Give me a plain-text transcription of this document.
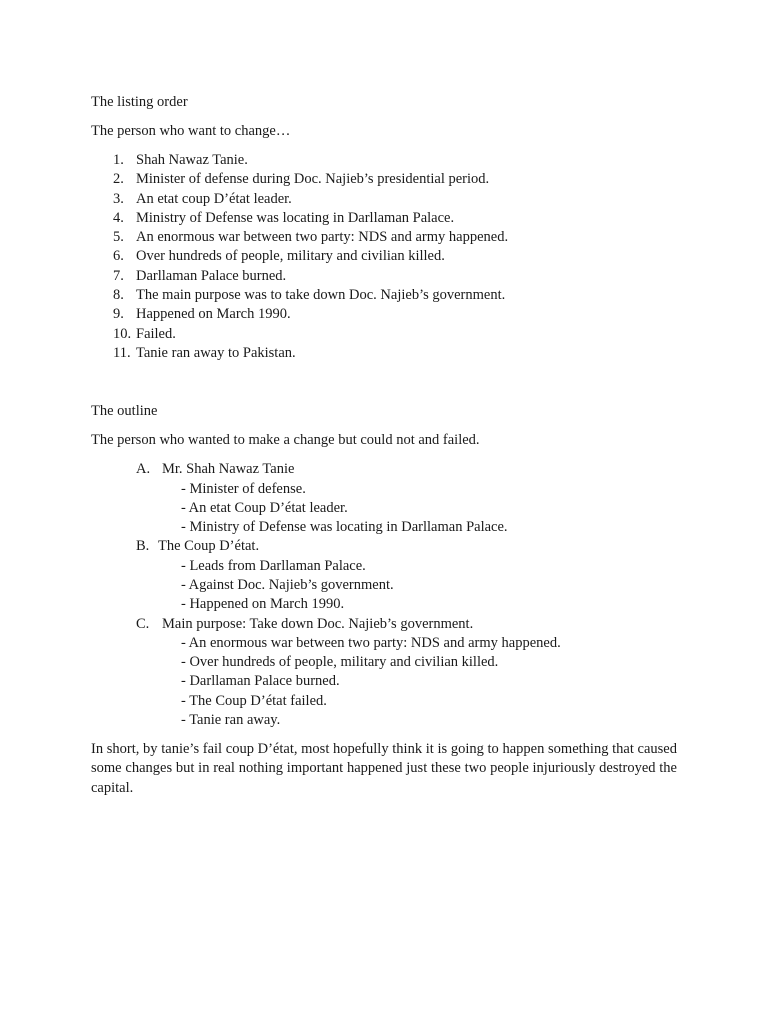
The listing order
The person who want to change…
1. Shah Nawaz Tanie.
2. Minister of defense during Doc. Najieb’s presidential period.
3. An etat coup D’état leader.
4. Ministry of Defense was locating in Darllaman Palace.
5. An enormous war between two party: NDS and army happened.
6. Over hundreds of people, military and civilian killed.
7. Darllaman Palace burned.
8. The main purpose was to take down Doc. Najieb’s government.
9. Happened on March 1990.
10. Failed.
11. Tanie ran away to Pakistan.
The outline
The person who wanted to make a change but could not and failed.
A. Mr. Shah Nawaz Tanie
- Minister of defense.
- An etat Coup D’état leader.
- Ministry of Defense was locating in Darllaman Palace.
B. The Coup D’état.
- Leads from Darllaman Palace.
- Against Doc. Najieb’s government.
- Happened on March 1990.
C. Main purpose: Take down Doc. Najieb’s government.
- An enormous war between two party: NDS and army happened.
- Over hundreds of people, military and civilian killed.
- Darllaman Palace burned.
- The Coup D’état failed.
- Tanie ran away.

In short, by tanie’s fail coup D’état, most hopefully think it is going to happen something that caused some changes but in real nothing important happened just these two people injuriously destroyed the capital.
